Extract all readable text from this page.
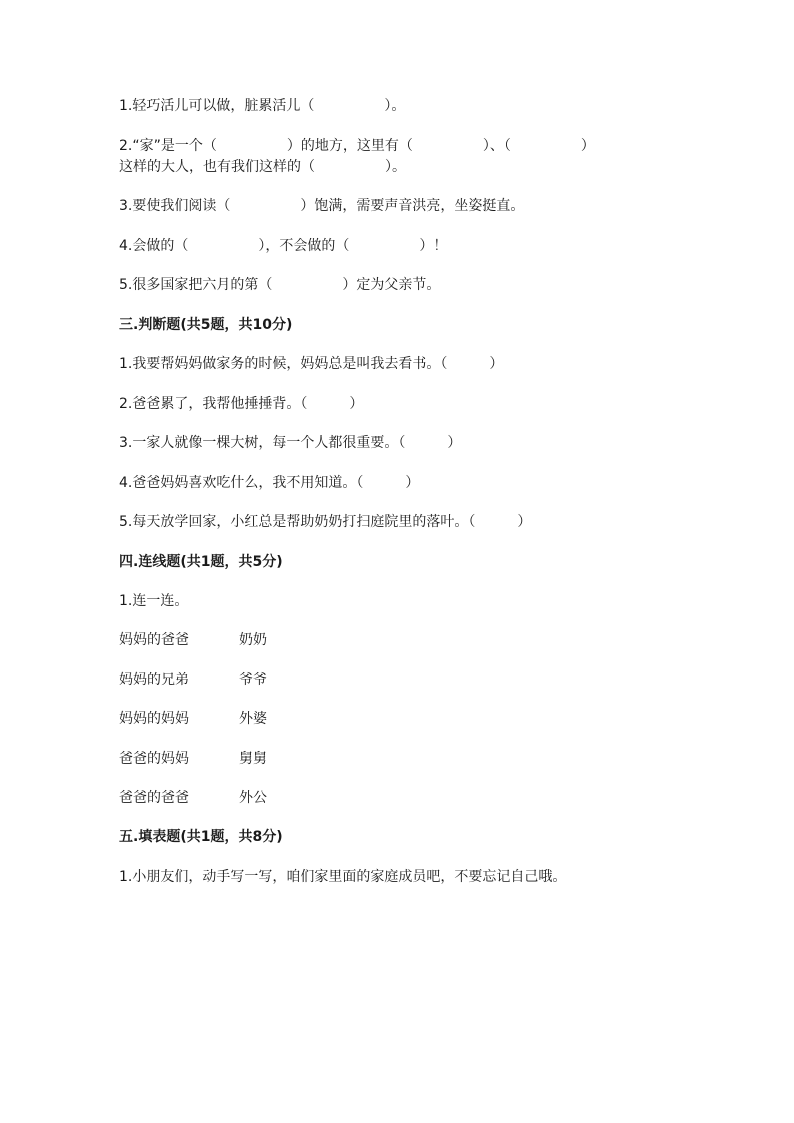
1.轻巧活儿可以做，脏累活儿（　　　　　）。
2.“家”是一个（　　　　　）的地方，这里有（　　　　　）、（　　　　　）
这样的大人，也有我们这样的（　　　　　）。
3.要使我们阅读（　　　　　）饱满，需要声音洪亮，坐姿挺直。
4.会做的（　　　　　），不会做的（　　　　　）！
5.很多国家把六月的第（　　　　　）定为父亲节。
三.判断题(共5题，共10分)
1.我要帮妈妈做家务的时候，妈妈总是叫我去看书。（　　　）
2.爸爸累了，我帮他捶捶背。（　　　）
3.一家人就像一棵大树，每一个人都很重要。（　　　）
4.爸爸妈妈喜欢吃什么，我不用知道。（　　　）
5.每天放学回家，小红总是帮助奶奶打扫庭院里的落叶。（　　　）
四.连线题(共1题，共5分)
1.连一连。
妈妈的爸爸	奶奶
妈妈的兄弟	爷爷
妈妈的妈妈	外婆
爸爸的妈妈	舅舅
爸爸的爸爸	外公
五.填表题(共1题，共8分)
1.小朋友们，动手写一写，咱们家里面的家庭成员吧，不要忘记自己哦。
